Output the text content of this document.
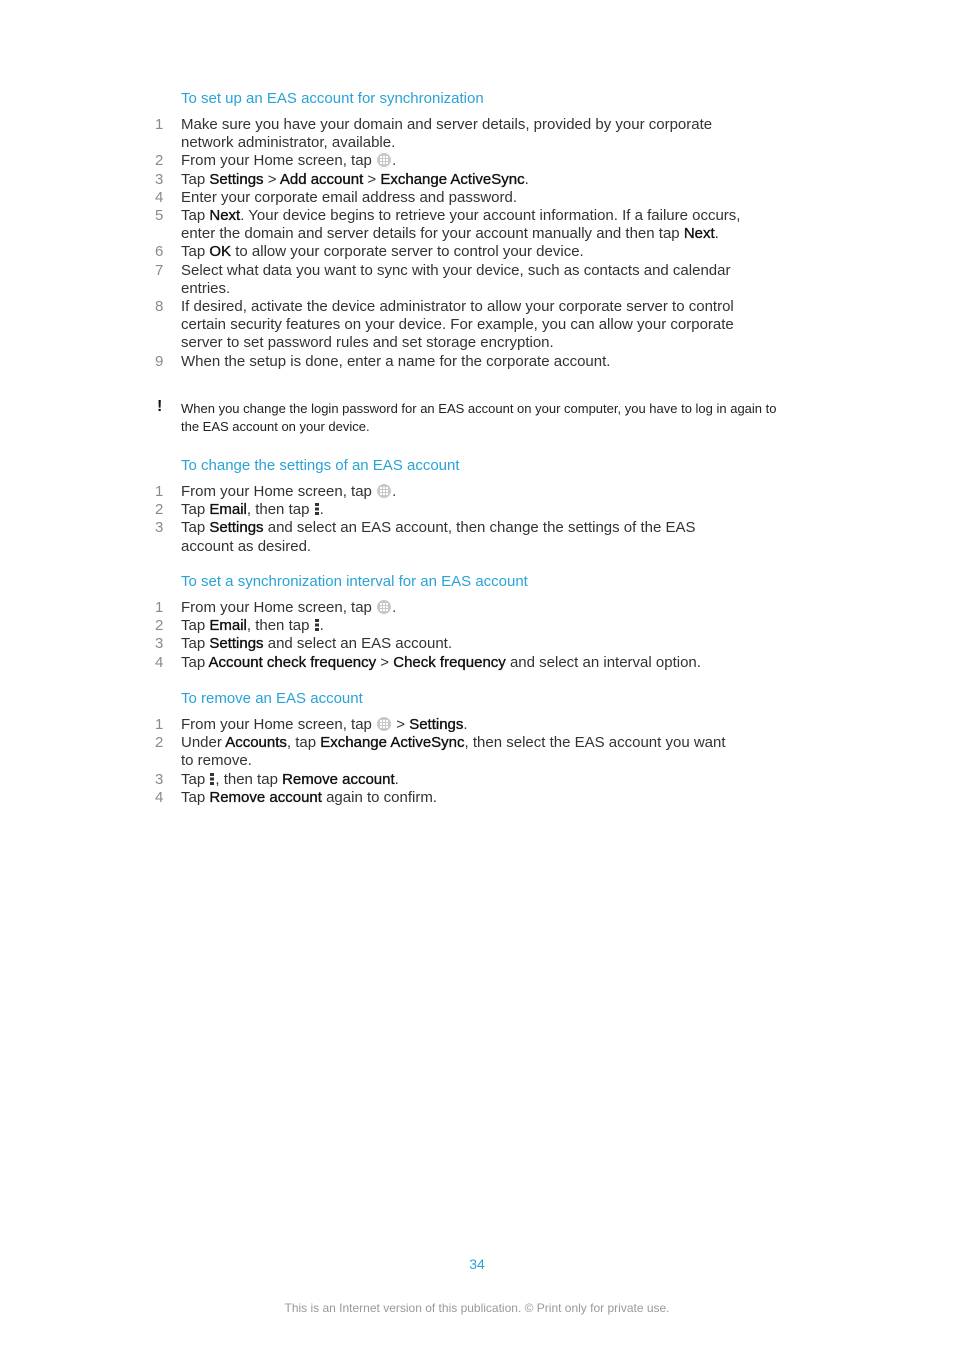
To set up an EAS account for synchronization
1	Make sure you have your domain and server details, provided by your corporate network administrator, available.
2	From your Home screen, tap .
3	Tap Settings > Add account > Exchange ActiveSync.
4	Enter your corporate email address and password.
5	Tap Next. Your device begins to retrieve your account information. If a failure occurs, enter the domain and server details for your account manually and then tap Next.
6	Tap OK to allow your corporate server to control your device.
7	Select what data you want to sync with your device, such as contacts and calendar entries.
8	If desired, activate the device administrator to allow your corporate server to control certain security features on your device. For example, you can allow your corporate server to set password rules and set storage encryption.
9	When the setup is done, enter a name for the corporate account.
! When you change the login password for an EAS account on your computer, you have to log in again to the EAS account on your device.
To change the settings of an EAS account
1	From your Home screen, tap .
2	Tap Email, then tap .
3	Tap Settings and select an EAS account, then change the settings of the EAS account as desired.
To set a synchronization interval for an EAS account
1	From your Home screen, tap .
2	Tap Email, then tap .
3	Tap Settings and select an EAS account.
4	Tap Account check frequency > Check frequency and select an interval option.
To remove an EAS account
1	From your Home screen, tap  > Settings.
2	Under Accounts, tap Exchange ActiveSync, then select the EAS account you want to remove.
3	Tap , then tap Remove account.
4	Tap Remove account again to confirm.
34
This is an Internet version of this publication. © Print only for private use.
